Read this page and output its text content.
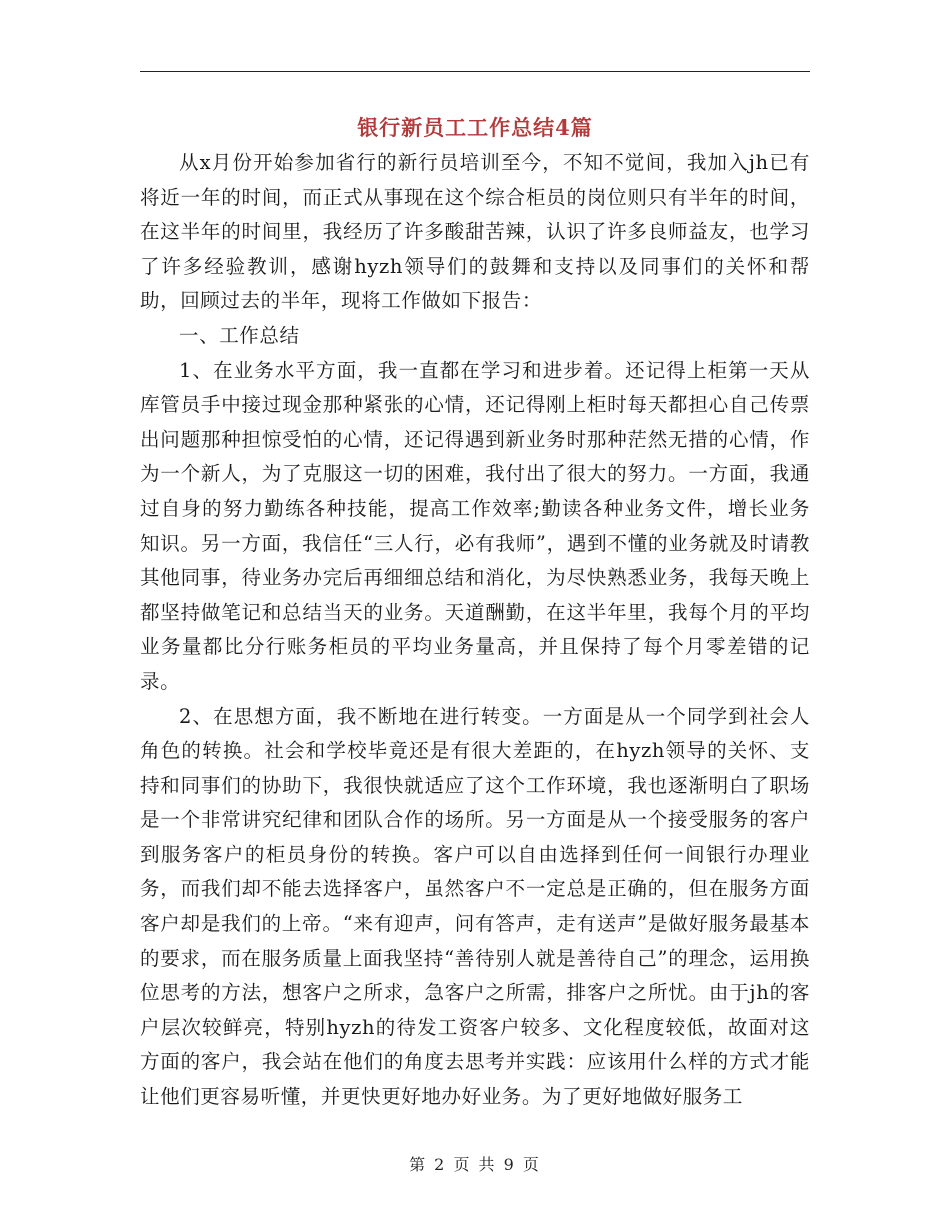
银行新员工工作总结4篇

从x月份开始参加省行的新行员培训至今，不知不觉间，我加入jh已有将近一年的时间，而正式从事现在这个综合柜员的岗位则只有半年的时间，在这半年的时间里，我经历了许多酸甜苦辣，认识了许多良师益友，也学习了许多经验教训，感谢hyzh领导们的鼓舞和支持以及同事们的关怀和帮助，回顾过去的半年，现将工作做如下报告：

一、工作总结

1、在业务水平方面，我一直都在学习和进步着。还记得上柜第一天从库管员手中接过现金那种紧张的心情，还记得刚上柜时每天都担心自己传票出问题那种担惊受怕的心情，还记得遇到新业务时那种茫然无措的心情，作为一个新人，为了克服这一切的困难，我付出了很大的努力。一方面，我通过自身的努力勤练各种技能，提高工作效率;勤读各种业务文件，增长业务知识。另一方面，我信任“三人行，必有我师”，遇到不懂的业务就及时请教其他同事，待业务办完后再细细总结和消化，为尽快熟悉业务，我每天晚上都坚持做笔记和总结当天的业务。天道酬勤，在这半年里，我每个月的平均业务量都比分行账务柜员的平均业务量高，并且保持了每个月零差错的记录。

2、在思想方面，我不断地在进行转变。一方面是从一个同学到社会人角色的转换。社会和学校毕竟还是有很大差距的，在hyzh领导的关怀、支持和同事们的协助下，我很快就适应了这个工作环境，我也逐渐明白了职场是一个非常讲究纪律和团队合作的场所。另一方面是从一个接受服务的客户到服务客户的柜员身份的转换。客户可以自由选择到任何一间银行办理业务，而我们却不能去选择客户，虽然客户不一定总是正确的，但在服务方面客户却是我们的上帝。“来有迎声，问有答声，走有送声”是做好服务最基本的要求，而在服务质量上面我坚持“善待别人就是善待自己”的理念，运用换位思考的方法，想客户之所求，急客户之所需，排客户之所忧。由于jh的客户层次较鲜亮，特别hyzh的待发工资客户较多、文化程度较低，故面对这方面的客户，我会站在他们的角度去思考并实践：应该用什么样的方式才能让他们更容易听懂，并更快更好地办好业务。为了更好地做好服务工

第 2 页 共 9 页
